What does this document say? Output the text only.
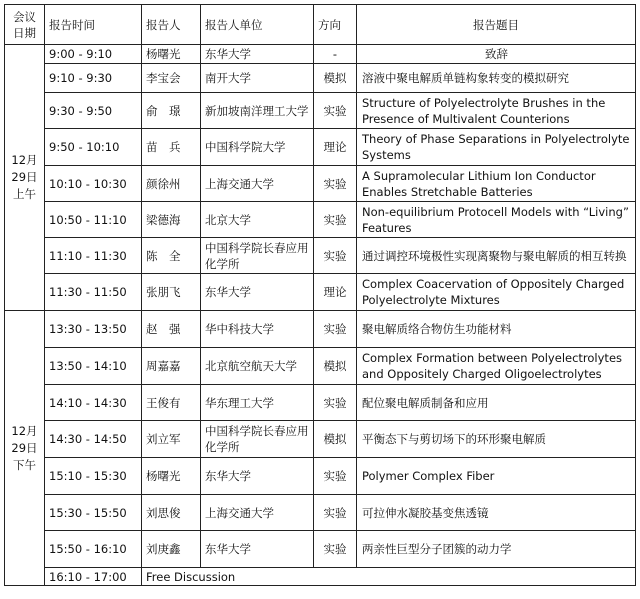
会议日期	报告时间	报告人	报告人单位	方向	报告题目
12月29日上午	9:00 - 9:10	杨曙光	东华大学	-	致辞
	9:10 - 9:30	李宝会	南开大学	模拟	溶液中聚电解质单链构象转变的模拟研究
	9:30 - 9:50	俞　璟	新加坡南洋理工大学	实验	Structure of Polyelectrolyte Brushes in the Presence of Multivalent Counterions
	9:50 - 10:10	苗　兵	中国科学院大学	理论	Theory of Phase Separations in Polyelectrolyte Systems
	10:10 - 10:30	颜徐州	上海交通大学	实验	A Supramolecular Lithium Ion Conductor Enables Stretchable Batteries
	10:50 - 11:10	梁德海	北京大学	实验	Non-equilibrium Protocell Models with “Living” Features
	11:10 - 11:30	陈　全	中国科学院长春应用化学所	实验	通过调控环境极性实现离聚物与聚电解质的相互转换
	11:30 - 11:50	张朋飞	东华大学	理论	Complex Coacervation of Oppositely Charged Polyelectrolyte Mixtures
12月29日下午	13:30 - 13:50	赵　强	华中科技大学	实验	聚电解质络合物仿生功能材料
	13:50 - 14:10	周嘉嘉	北京航空航天大学	模拟	Complex Formation between Polyelectrolytes and Oppositely Charged Oligoelectrolytes
	14:10 - 14:30	王俊有	华东理工大学	实验	配位聚电解质制备和应用
	14:30 - 14:50	刘立军	中国科学院长春应用化学所	模拟	平衡态下与剪切场下的环形聚电解质
	15:10 - 15:30	杨曙光	东华大学	实验	Polymer Complex Fiber
	15:30 - 15:50	刘思俊	上海交通大学	实验	可拉伸水凝胶基变焦透镜
	15:50 - 16:10	刘庚鑫	东华大学	实验	两亲性巨型分子团簇的动力学
	16:10 - 17:00	Free Discussion			
